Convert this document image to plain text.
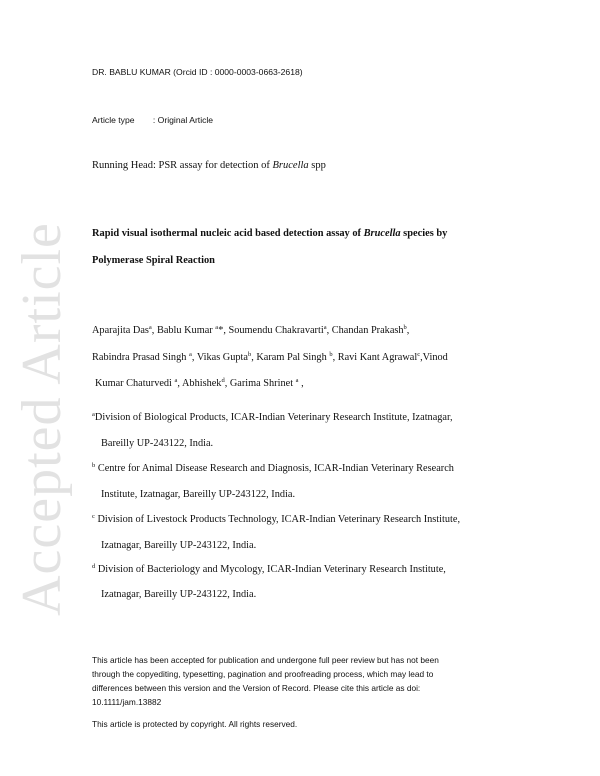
Accepted Article
DR. BABLU KUMAR (Orcid ID : 0000-0003-0663-2618)
Article type : Original Article
Running Head: PSR assay for detection of Brucella spp
Rapid visual isothermal nucleic acid based detection assay of Brucella species by
Polymerase Spiral Reaction
Aparajita Das$^a$, Bablu Kumar $^a$*, Soumendu Chakravarti$^a$, Chandan Prakash$^b$,
Rabindra Prasad Singh $^a$, Vikas Gupta$^b$, Karam Pal Singh $^b$, Ravi Kant Agrawal$^c$,Vinod
Kumar Chaturvedi $^a$, Abhishek$^d$, Garima Shrinet $^a$ ,
$^a$Division of Biological Products, ICAR-Indian Veterinary Research Institute, Izatnagar,
Bareilly UP-243122, India.
$^b$ Centre for Animal Disease Research and Diagnosis, ICAR-Indian Veterinary Research
Institute, Izatnagar, Bareilly UP-243122, India.
$^c$ Division of Livestock Products Technology, ICAR-Indian Veterinary Research Institute,
Izatnagar, Bareilly UP-243122, India.
$^d$ Division of Bacteriology and Mycology, ICAR-Indian Veterinary Research Institute,
Izatnagar, Bareilly UP-243122, India.
This article has been accepted for publication and undergone full peer review but has not been
through the copyediting, typesetting, pagination and proofreading process, which may lead to
differences between this version and the Version of Record. Please cite this article as doi:
10.1111/jam.13882
This article is protected by copyright. All rights reserved.
